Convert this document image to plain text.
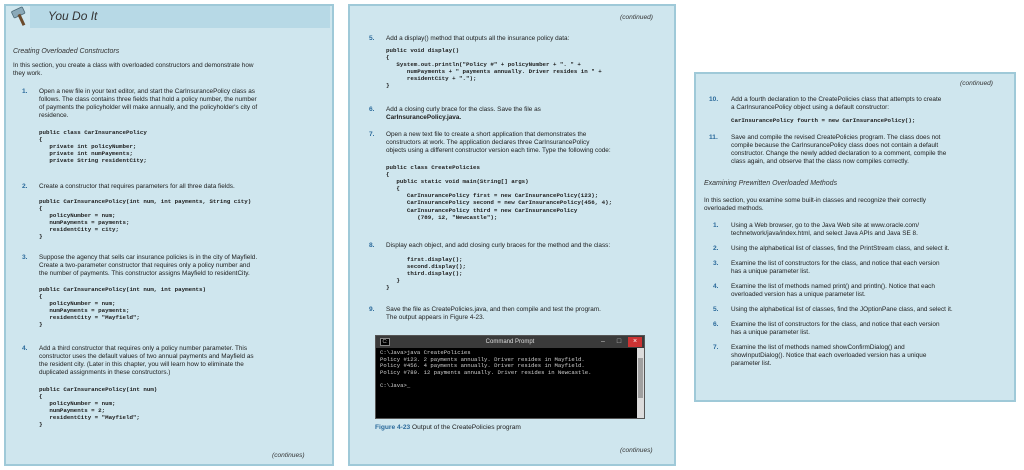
You Do It
Creating Overloaded Constructors
In this section, you create a class with overloaded constructors and demonstrate how
they work.
1. Open a new file in your text editor, and start the CarInsurancePolicy class as
follows. The class contains three fields that hold a policy number, the number
of payments the policyholder will make annually, and the policyholder's city of
residence.
public class CarInsurancePolicy
{
private int policyNumber;
private int numPayments;
private String residentCity;
2. Create a constructor that requires parameters for all three data fields.
public CarInsurancePolicy(int num, int payments, String city)
{
policyNumber = num;
numPayments = payments;
residentCity = city;
}
3. Suppose the agency that sells car insurance policies is in the city of Mayfield.
Create a two-parameter constructor that requires only a policy number and
the number of payments. This constructor assigns Mayfield to residentCity.
public CarInsurancePolicy(int num, int payments)
{
policyNumber = num;
numPayments = payments;
residentCity = "Mayfield";
}
4. Add a third constructor that requires only a policy number parameter. This
constructor uses the default values of two annual payments and Mayfield as
the resident city. (Later in this chapter, you will learn how to eliminate the
duplicated assignments in these constructors.)
public CarInsurancePolicy(int num)
{
policyNumber = num;
numPayments = 2;
residentCity = "Mayfield";
}
(continues)
(continued)
5. Add a display() method that outputs all the insurance policy data:
public void display()
{
System.out.println("Policy #" + policyNumber + ". " +
numPayments + " payments annually. Driver resides in " +
residentCity + ".");
}
6. Add a closing curly brace for the class. Save the file as
CarInsurancePolicy.java.
7. Open a new text file to create a short application that demonstrates the
constructors at work. The application declares three CarInsurancePolicy
objects using a different constructor version each time. Type the following code:
public class CreatePolicies
{
public static void main(String[] args)
{
CarInsurancePolicy first = new CarInsurancePolicy(123);
CarInsurancePolicy second = new CarInsurancePolicy(456, 4);
CarInsurancePolicy third = new CarInsurancePolicy
(789, 12, "Newcastle");
8. Display each object, and add closing curly braces for the method and the class:
first.display();
second.display();
third.display();
}
}
9. Save the file as CreatePolicies.java, and then compile and test the program.
The output appears in Figure 4-23.
C:	Command Prompt	–	□	×
C:\Java>java CreatePolicies
Policy #123. 2 payments annually. Driver resides in Mayfield.
Policy #456. 4 payments annually. Driver resides in Mayfield.
Policy #789. 12 payments annually. Driver resides in Newcastle.

C:\Java>_
Figure 4-23 Output of the CreatePolicies program
(continues)
(continued)
10. Add a fourth declaration to the CreatePolicies class that attempts to create
a CarInsurancePolicy object using a default constructor:
CarInsurancePolicy fourth = new CarInsurancePolicy();
11. Save and compile the revised CreatePolicies program. The class does not
compile because the CarInsurancePolicy class does not contain a default
constructor. Change the newly added declaration to a comment, compile the
class again, and observe that the class now compiles correctly.
Examining Prewritten Overloaded Methods
In this section, you examine some built-in classes and recognize their correctly
overloaded methods.
1. Using a Web browser, go to the Java Web site at www.oracle.com/
technetwork/java/index.html, and select Java APIs and Java SE 8.
2. Using the alphabetical list of classes, find the PrintStream class, and select it.
3. Examine the list of constructors for the class, and notice that each version
has a unique parameter list.
4. Examine the list of methods named print() and println(). Notice that each
overloaded version has a unique parameter list.
5. Using the alphabetical list of classes, find the JOptionPane class, and select it.
6. Examine the list of constructors for the class, and notice that each version
has a unique parameter list.
7. Examine the list of methods named showConfirmDialog() and
showInputDialog(). Notice that each overloaded version has a unique
parameter list.
